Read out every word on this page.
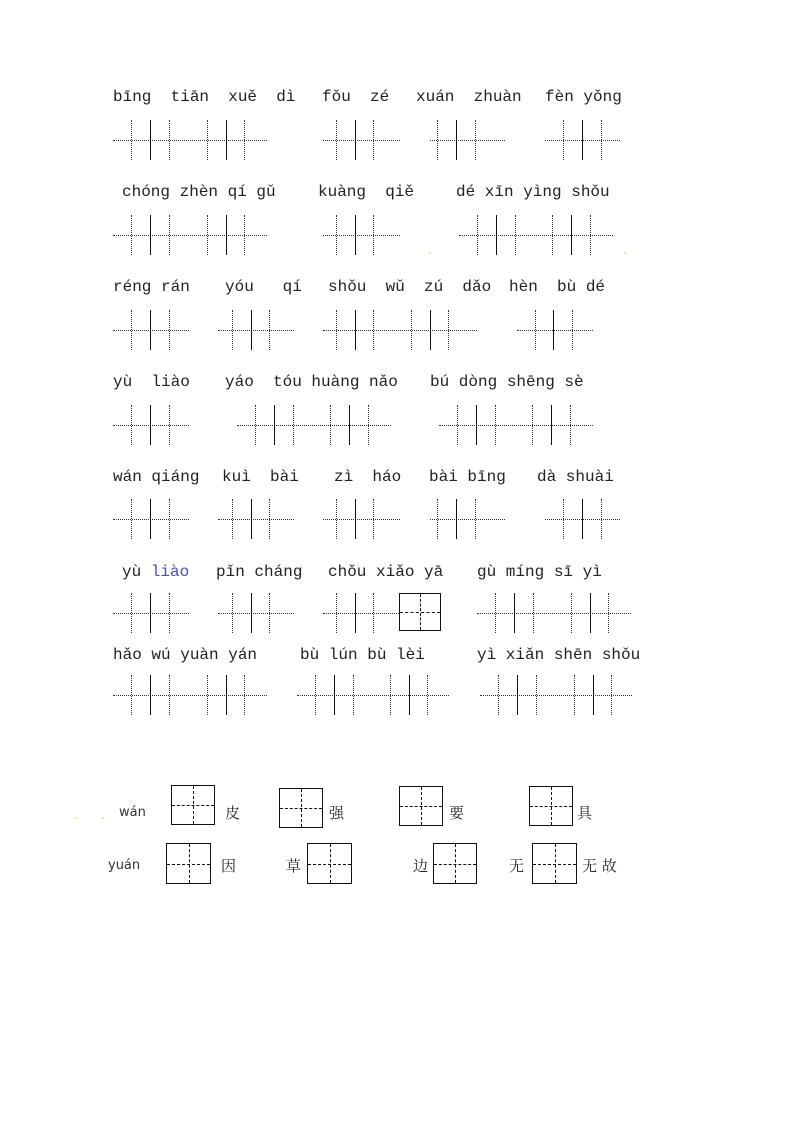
bīng  tiān  xuě  dì fǒu  zé xuán  zhuàn fèn yǒng
chóng zhèn qí gǔ	kuàng  qiě	dé xīn yìng shǒu
réng rán yóu   qí shǒu  wǔ  zú  dǎo hèn  bù dé
yù  liào yáo  tóu huàng nǎo bú dòng shēng sè
wán qiáng kuì  bài zì  háo bài bīng dà shuài
yù liào pǐn cháng chǒu xiǎo yā gù míng sī yì
hǎo wú yuàn yán	bù lún bù lèi	yì xiǎn shēn shǒu
wán	皮	强	要	具
yuán	因	草	边	无	无 故
